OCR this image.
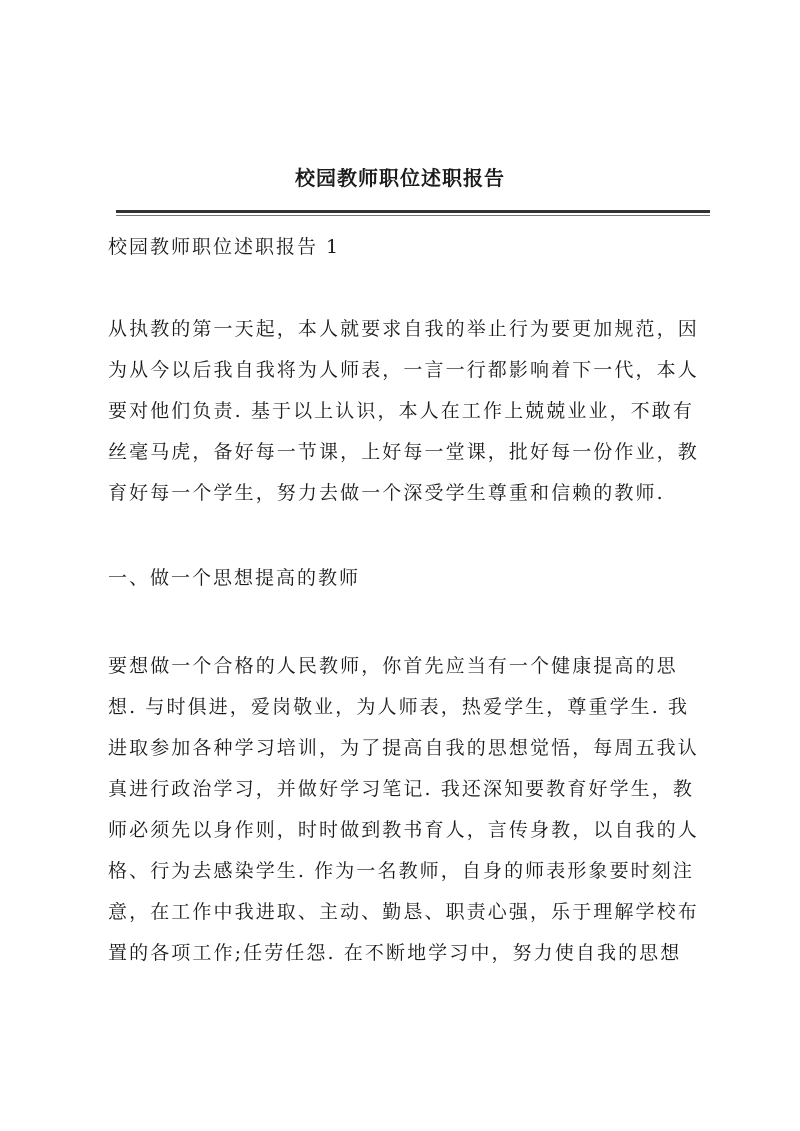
校园教师职位述职报告

校园教师职位述职报告 1

从执教的第一天起，本人就要求自我的举止行为要更加规范，因
为从今以后我自我将为人师表，一言一行都影响着下一代，本人
要对他们负责. 基于以上认识，本人在工作上兢兢业业，不敢有
丝毫马虎，备好每一节课，上好每一堂课，批好每一份作业，教
育好每一个学生，努力去做一个深受学生尊重和信赖的教师.

一、做一个思想提高的教师

要想做一个合格的人民教师，你首先应当有一个健康提高的思
想. 与时俱进，爱岗敬业，为人师表，热爱学生，尊重学生. 我
进取参加各种学习培训，为了提高自我的思想觉悟，每周五我认
真进行政治学习，并做好学习笔记. 我还深知要教育好学生，教
师必须先以身作则，时时做到教书育人，言传身教，以自我的人
格、行为去感染学生. 作为一名教师，自身的师表形象要时刻注
意，在工作中我进取、主动、勤恳、职责心强，乐于理解学校布
置的各项工作;任劳任怨. 在不断地学习中，努力使自我的思想
